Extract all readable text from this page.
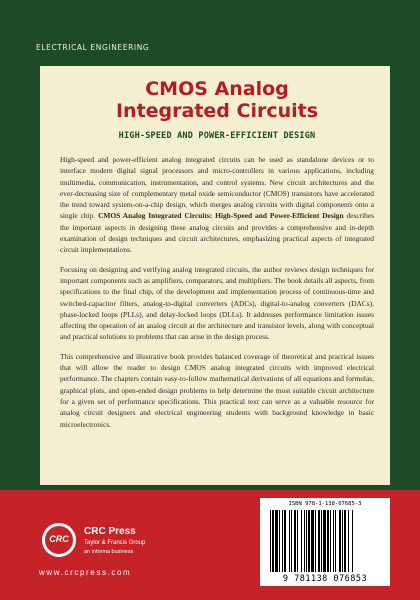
ELECTRICAL ENGINEERING
CMOS Analog
Integrated Circuits
HIGH-SPEED AND POWER-EFFICIENT DESIGN

High-speed and power-efficient analog integrated circuits can be used as standalone devices or to interface modern digital signal processors and micro-controllers in various applications, including multimedia, communication, instrumentation, and control systems. New circuit architectures and the ever-decreasing size of complementary metal oxide semiconductor (CMOS) transistors have accelerated the trend toward system-on-a-chip design, which merges analog circuits with digital components onto a single chip. CMOS Analog Integrated Circuits: High-Speed and Power-Efficient Design describes the important aspects in designing these analog circuits and provides a comprehensive and in-depth examination of design techniques and circuit architectures, emphasizing practical aspects of integrated circuit implementations.

Focusing on designing and verifying analog integrated circuits, the author reviews design techniques for important components such as amplifiers, comparators, and multipliers. The book details all aspects, from specifications to the final chip, of the development and implementation process of continuous-time and switched-capacitor filters, analog-to-digital converters (ADCs), digital-to-analog converters (DACs), phase-locked loops (PLLs), and delay-locked loops (DLLs). It addresses performance limitation issues affecting the operation of an analog circuit at the architecture and transistor levels, along with conceptual and practical solutions to problems that can arise in the design process.

This comprehensive and illustrative book provides balanced coverage of theoretical and practical issues that will allow the reader to design CMOS analog integrated circuits with improved electrical performance. The chapters contain easy-to-follow mathematical derivations of all equations and formulas, graphical plots, and open-ended design problems to help determine the most suitable circuit architecture for a given set of performance specifications. This practical text can serve as a valuable resource for analog circuit designers and electrical engineering students with background knowledge in basic microelectronics.

CRC
CRC Press
Taylor & Francis Group
an informa business
www.crcpress.com
ISBN 978-1-138-07685-3
9 781138 076853
